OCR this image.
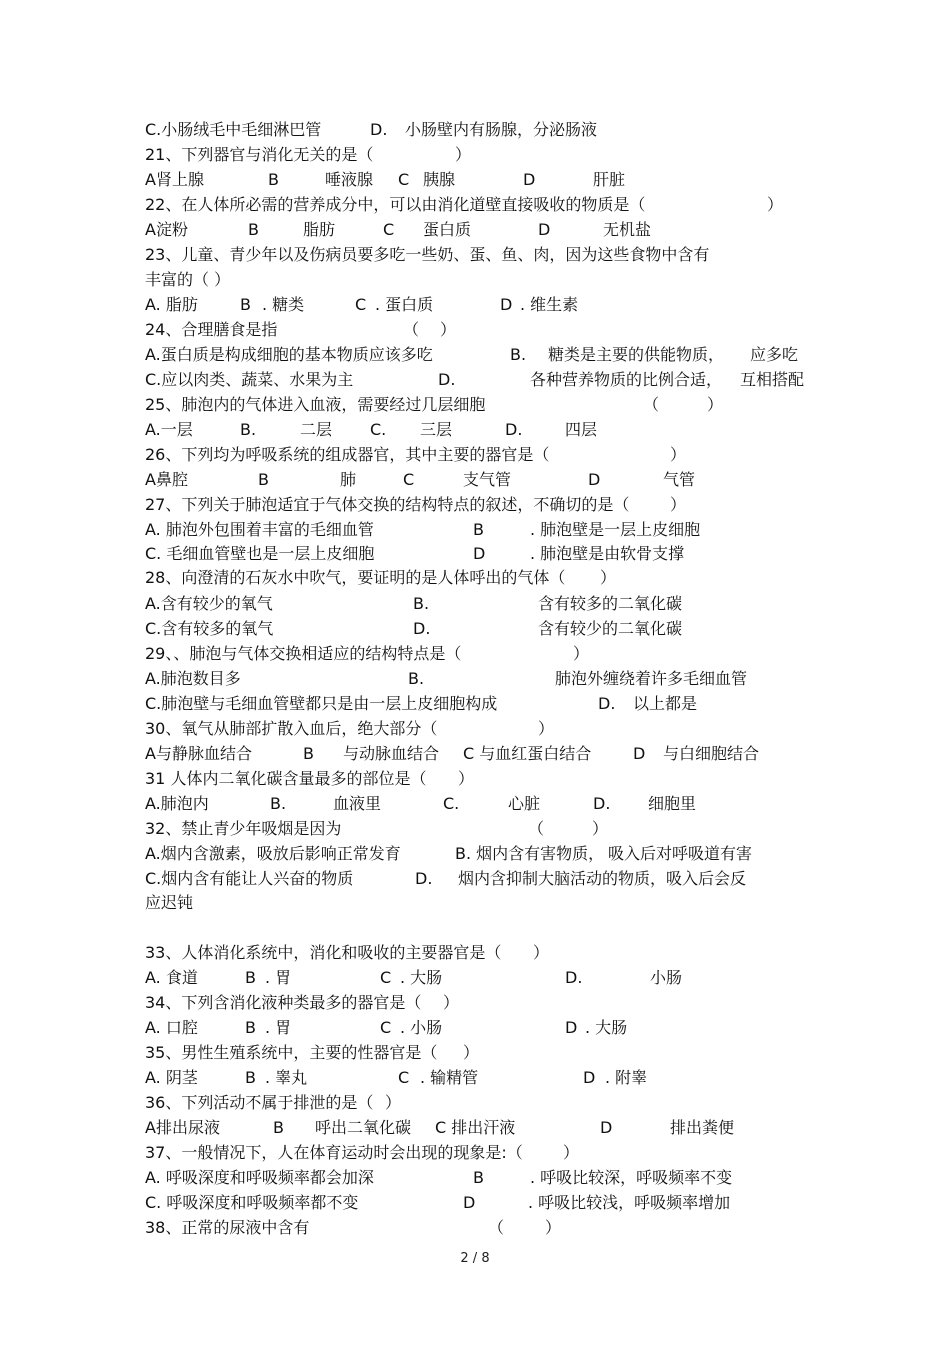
C.小肠绒毛中毛细淋巴管	D. 小肠壁内有肠腺，分泌肠液
21、下列器官与消化无关的是（	）
A肾上腺	B	唾液腺 C 胰腺	D	肝脏
22、在人体所必需的营养成分中，可以由消化道壁直接吸收的物质是（	）
A淀粉	B	脂肪	C 蛋白质	D	无机盐
23、儿童、青少年以及伤病员要多吃一些奶、蛋、鱼、肉，因为这些食物中含有
丰富的（ ）
A. 脂肪	B . 糖类	C . 蛋白质	D . 维生素
24、合理膳食是指	（ ）
A.蛋白质是构成细胞的基本物质应该多吃	B. 糖类是主要的供能物质， 应多吃
C.应以肉类、蔬菜、水果为主	D.	各种营养物质的比例合适， 互相搭配
25、肺泡内的气体进入血液，需要经过几层细胞	（	）
A.一层	B.	二层 C. 三层	D.	四层
26、下列均为呼吸系统的组成器官，其中主要的器官是（	）
A鼻腔	B	肺	C	支气管	D	气管
27、下列关于肺泡适宜于气体交换的结构特点的叙述，不确切的是（	）
A. 肺泡外包围着丰富的毛细血管	B	. 肺泡壁是一层上皮细胞
C. 毛细血管壁也是一层上皮细胞	D	. 肺泡壁是由软骨支撑
28、向澄清的石灰水中吹气，要证明的是人体呼出的气体（ ）
A.含有较少的氧气	B.	含有较多的二氧化碳
C.含有较多的氧气	D.	含有较少的二氧化碳
29、、肺泡与气体交换相适应的结构特点是（	）
A.肺泡数目多	B.	肺泡外缠绕着许多毛细血管
C.肺泡壁与毛细血管壁都只是由一层上皮细胞构成	D. 以上都是
30、氧气从肺部扩散入血后，绝大部分（	）
A与静脉血结合	B 与动脉血结合 C 与血红蛋白结合	D 与白细胞结合
31 人体内二氧化碳含量最多的部位是（ ）
A.肺泡内	B.	血液里	C.	心脏	D. 细胞里
32、禁止青少年吸烟是因为	（	）
A.烟内含激素，吸放后影响正常发育	B. 烟内含有害物质， 吸入后对呼吸道有害
C.烟内含有能让人兴奋的物质	D. 烟内含抑制大脑活动的物质，吸入后会反
应迟钝
33、人体消化系统中，消化和吸收的主要器官是（ ）
A. 食道	B . 胃	C . 大肠	D.	小肠
34、下列含消化液种类最多的器官是（ ）
A. 口腔	B . 胃	C . 小肠	D . 大肠
35、男性生殖系统中，主要的性器官是（ ）
A. 阴茎	B . 睾丸	C . 输精管	D . 附睾
36、下列活动不属于排泄的是（ ）
A排出尿液	B 呼出二氧化碳 C 排出汗液	D	排出粪便
37、一般情况下，人在体育运动时会出现的现象是:（	）
A. 呼吸深度和呼吸频率都会加深	B	. 呼吸比较深，呼吸频率不变
C. 呼吸深度和呼吸频率都不变	D	. 呼吸比较浅，呼吸频率增加
38、正常的尿液中含有	（	）
2 / 8
